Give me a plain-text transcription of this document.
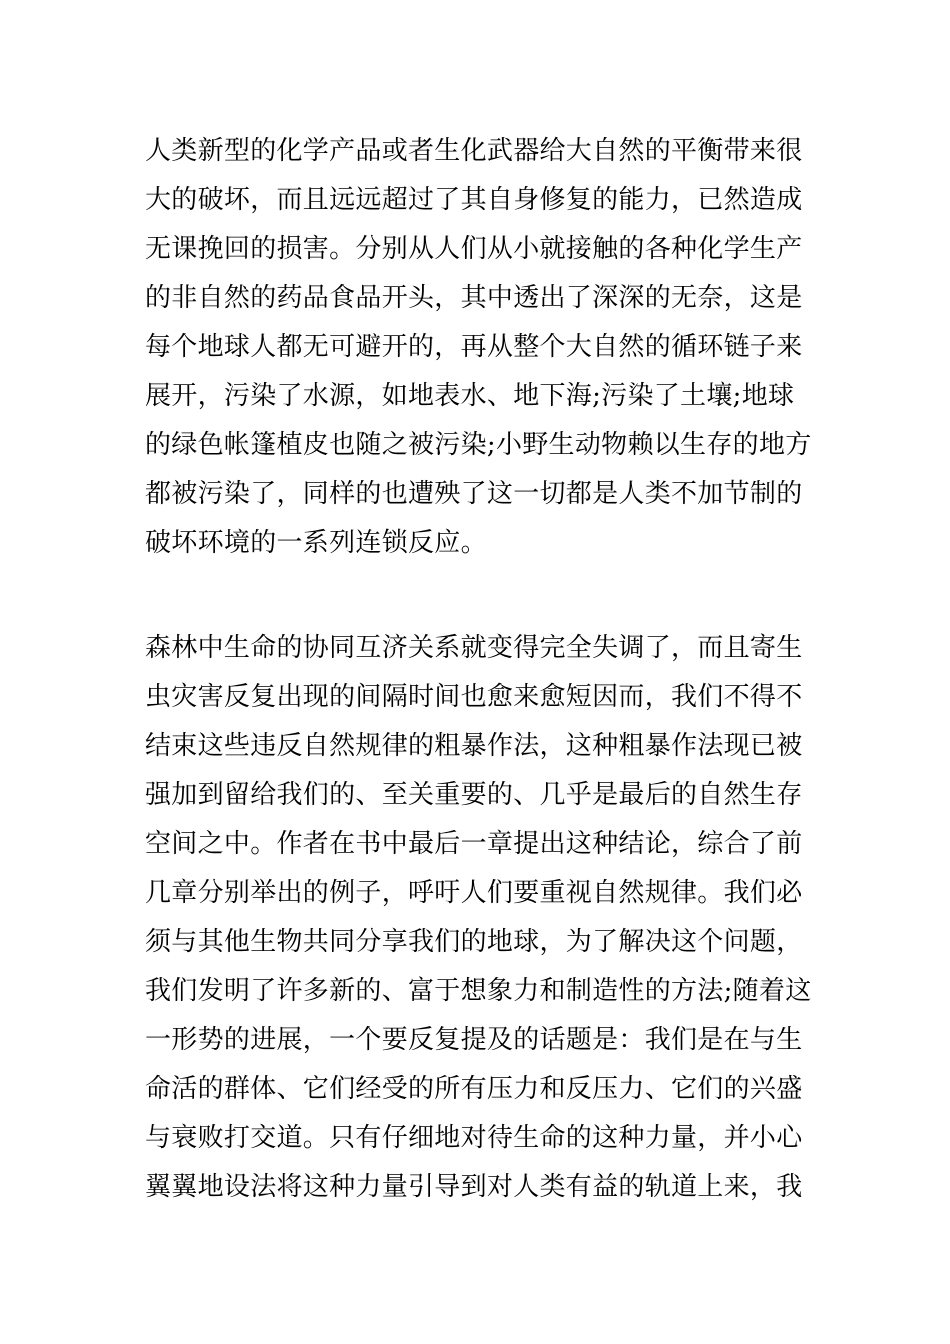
人类新型的化学产品或者生化武器给大自然的平衡带来很
大的破坏，而且远远超过了其自身修复的能力，已然造成
无课挽回的损害。分别从人们从小就接触的各种化学生产
的非自然的药品食品开头，其中透出了深深的无奈，这是
每个地球人都无可避开的，再从整个大自然的循环链子来
展开，污染了水源，如地表水、地下海;污染了土壤;地球
的绿色帐篷植皮也随之被污染;小野生动物赖以生存的地方
都被污染了，同样的也遭殃了这一切都是人类不加节制的
破坏环境的一系列连锁反应。
森林中生命的协同互济关系就变得完全失调了，而且寄生
虫灾害反复出现的间隔时间也愈来愈短因而，我们不得不
结束这些违反自然规律的粗暴作法，这种粗暴作法现已被
强加到留给我们的、至关重要的、几乎是最后的自然生存
空间之中。作者在书中最后一章提出这种结论，综合了前
几章分别举出的例子，呼吁人们要重视自然规律。我们必
须与其他生物共同分享我们的地球，为了解决这个问题，
我们发明了许多新的、富于想象力和制造性的方法;随着这
一形势的进展，一个要反复提及的话题是：我们是在与生
命活的群体、它们经受的所有压力和反压力、它们的兴盛
与衰败打交道。只有仔细地对待生命的这种力量，并小心
翼翼地设法将这种力量引导到对人类有益的轨道上来，我
